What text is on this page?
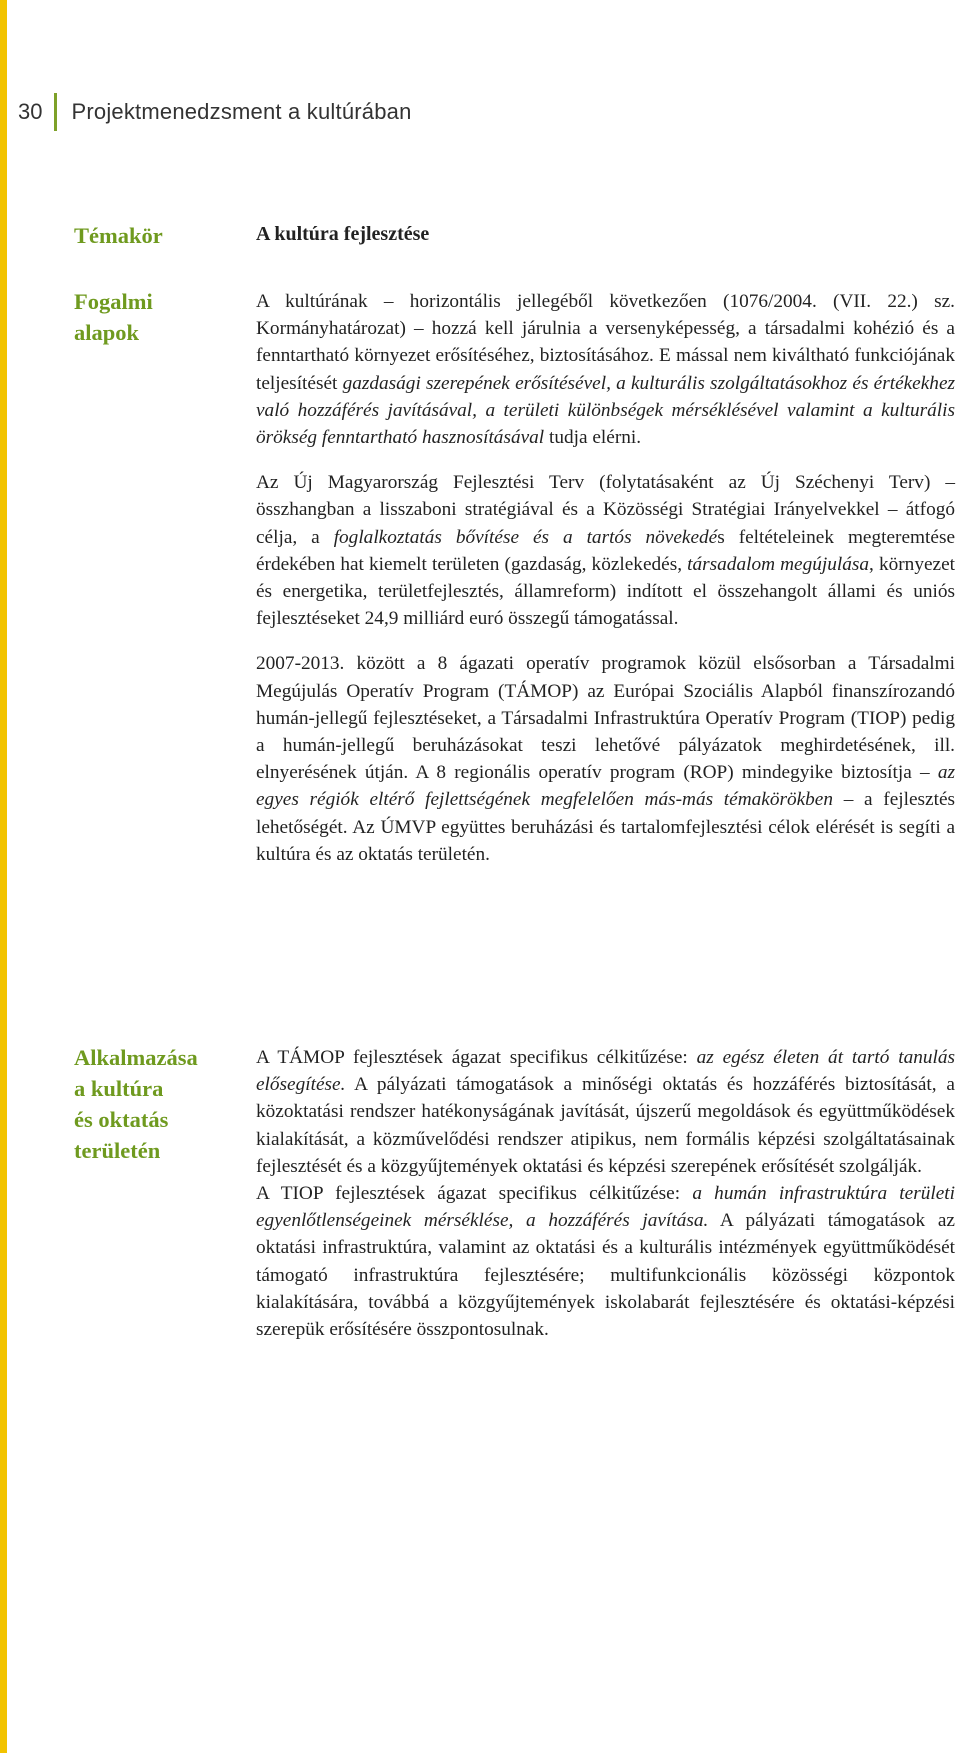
30 Projektmenedzsment a kultúrában
Témakör	A kultúra fejlesztése
Fogalmi
alapok

A kultúrának – horizontális jellegéből következően (1076/2004. (VII. 22.) sz. Kormányhatározat) – hozzá kell járulnia a versenyképesség, a társadalmi kohézió és a fenntartható környezet erősítéséhez, biztosításához. E mással nem kiváltható funkciójának teljesítését gazdasági szerepének erősítésével, a kulturális szolgáltatásokhoz és értékekhez való hozzáférés javításával, a területi különbségek mérséklésével valamint a kulturális örökség fenntartható hasznosításával tudja elérni.

Az Új Magyarország Fejlesztési Terv (folytatásaként az Új Széchenyi Terv) – összhangban a lisszaboni stratégiával és a Közösségi Stratégiai Irányelvekkel – átfogó célja, a foglalkoztatás bővítése és a tartós növekedés feltételeinek megteremtése érdekében hat kiemelt területen (gazdaság, közlekedés, társadalom megújulása, környezet és energetika, területfejlesztés, államreform) indított el összehangolt állami és uniós fejlesztéseket 24,9 milliárd euró összegű támogatással.

2007-2013. között a 8 ágazati operatív programok közül elsősorban a Társadalmi Megújulás Operatív Program (TÁMOP) az Európai Szociális Alapból finanszírozandó humán-jellegű fejlesztéseket, a Társadalmi Infrastruktúra Operatív Program (TIOP) pedig a humán-jellegű beruházásokat teszi lehetővé pályázatok meghirdetésének, ill. elnyerésének útján. A 8 regionális operatív program (ROP) mindegyike biztosítja – az egyes régiók eltérő fejlettségének megfelelően más-más témakörökben – a fejlesztés lehetőségét. Az ÚMVP együttes beruházási és tartalomfejlesztési célok elérését is segíti a kultúra és az oktatás területén.

Alkalmazása
a kultúra
és oktatás
területén

A TÁMOP fejlesztések ágazat specifikus célkitűzése: az egész életen át tartó tanulás elősegítése. A pályázati támogatások a minőségi oktatás és hozzáférés biztosítását, a közoktatási rendszer hatékonyságának javítását, újszerű megoldások és együttműködések kialakítását, a közművelődési rendszer atipikus, nem formális képzési szolgáltatásainak fejlesztését és a közgyűjtemények oktatási és képzési szerepének erősítését szolgálják.

A TIOP fejlesztések ágazat specifikus célkitűzése: a humán infrastruktúra területi egyenlőtlenségeinek mérséklése, a hozzáférés javítása. A pályázati támogatások az oktatási infrastruktúra, valamint az oktatási és a kulturális intézmények együttműködését támogató infrastruktúra fejlesztésére; multifunkcionális közösségi központok kialakítására, továbbá a közgyűjtemények iskolabarát fejlesztésére és oktatási-képzési szerepük erősítésére összpontosulnak.
